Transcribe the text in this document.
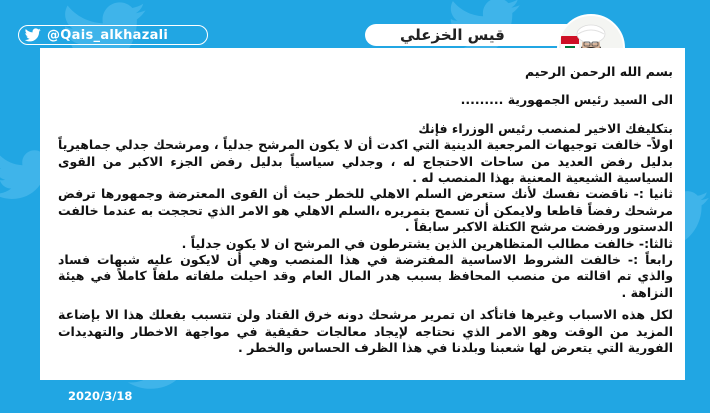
@Qais_alkhazali	قيس الخزعلي

بسم الله الرحمن الرحيم

الى السيد رئيس الجمهورية .........

بتكليفك الاخير لمنصب رئيس الوزراء فإنك

اولاً- خالفت توجيهات المرجعية الدينية التي اكدت أن لا يكون المرشح جدلياً ، ومرشحك جدلي جماهيرياً بدليل رفض العديد من ساحات الاحتجاج له ، وجدلي سياسياً بدليل رفض الجزء الاكبر من القوى السياسية الشيعية المعنية بهذا المنصب له .

ثانيا :- ناقضت نفسك لأنك ستعرض السلم الاهلي للخطر حيث أن القوى المعترضة وجمهورها ترفض مرشحك رفضاً قاطعا ولايمكن أن تسمح بتمريره ،السلم الاهلي هو الامر الذي تحججت به عندما خالفت الدستور ورفضت مرشح الكتلة الاكبر سابقاً .

ثالثا:- خالفت مطالب المتظاهرين الذين يشترطون في المرشح ان لا يكون جدلياً .

رابعاً :- خالفت الشروط الاساسية المفترضة في هذا المنصب وهي أن لايكون عليه شبهات فساد والذي تم اقالته من منصب المحافظ بسبب هدر المال العام وقد احيلت ملفاته ملفاً كاملاً في هيئة النزاهة .

لكل هذه الاسباب وغيرها فاتأكد ان تمرير مرشحك دونه خرق القتاد ولن تتسبب بفعلك هذا الا بإضاعة المزيد من الوقت وهو الامر الذي نحتاجه لإيجاد معالجات حقيقية في مواجهة الاخطار والتهديدات الفورية التي يتعرض لها شعبنا وبلدنا في هذا الظرف الحساس والخطر .

2020/3/18
